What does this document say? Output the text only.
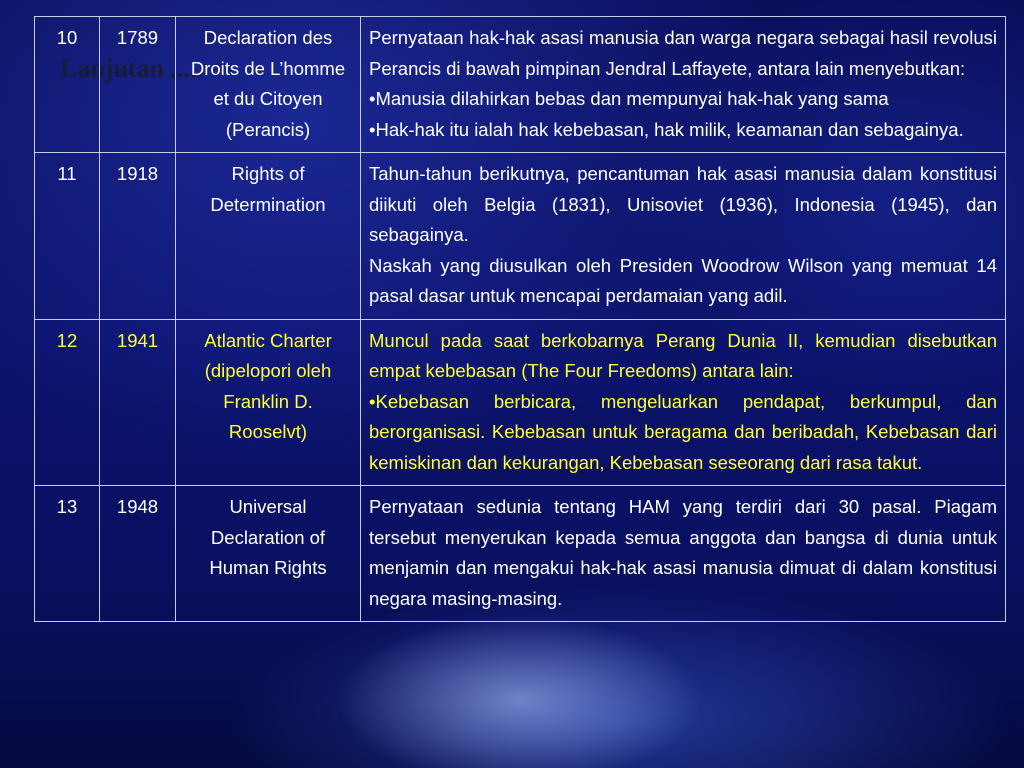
Lanjutan .....
10	1789	Declaration des Droits de L’homme et du Citoyen (Perancis)	Pernyataan hak-hak asasi manusia dan warga negara sebagai hasil revolusi Perancis di bawah pimpinan Jendral Laffayete, antara lain menyebutkan:
•Manusia dilahirkan bebas dan mempunyai hak-hak yang sama
•Hak-hak itu ialah hak kebebasan, hak milik, keamanan dan sebagainya.

11	1918	Rights of Determination	Tahun-tahun berikutnya, pencantuman hak asasi manusia dalam konstitusi diikuti oleh Belgia (1831), Unisoviet (1936), Indonesia (1945), dan sebagainya.
Naskah yang diusulkan oleh Presiden Woodrow Wilson yang memuat 14 pasal dasar untuk mencapai perdamaian yang adil.

12	1941	Atlantic Charter (dipelopori oleh Franklin D. Rooselvt)	Muncul pada saat berkobarnya Perang Dunia II, kemudian disebutkan empat kebebasan (The Four Freedoms) antara lain:
•Kebebasan berbicara, mengeluarkan pendapat, berkumpul, dan berorganisasi. Kebebasan untuk beragama dan beribadah, Kebebasan dari kemiskinan dan kekurangan, Kebebasan seseorang dari rasa takut.

13	1948	Universal Declaration of Human Rights	Pernyataan sedunia tentang HAM yang terdiri dari 30 pasal. Piagam tersebut menyerukan kepada semua anggota dan bangsa di dunia untuk menjamin dan mengakui hak-hak asasi manusia dimuat di dalam konstitusi negara masing-masing.
